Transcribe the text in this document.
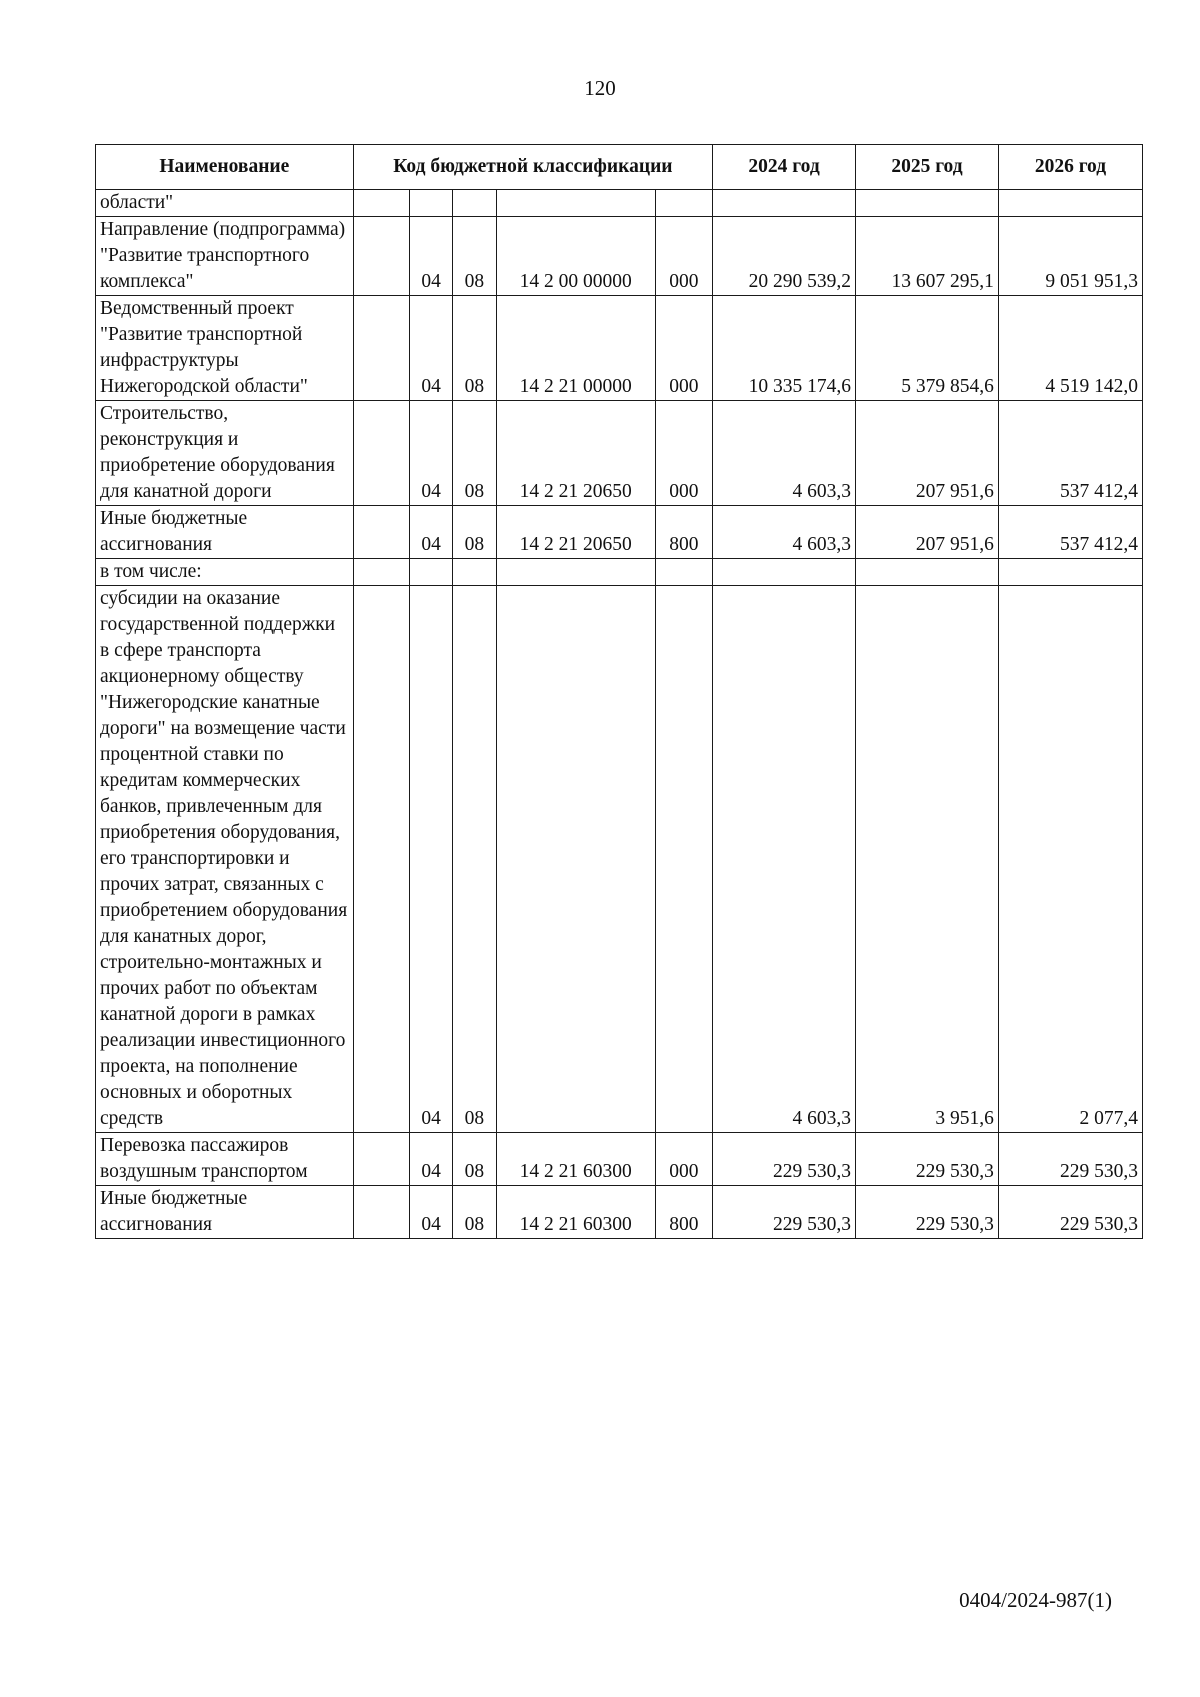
120
Наименование	Код бюджетной классификации					2024 год	2025 год	2026 год
области"								
Направление (подпрограмма) "Развитие транспортного комплекса"		04	08	14 2 00 00000	000	20 290 539,2	13 607 295,1	9 051 951,3
Ведомственный проект "Развитие транспортной инфраструктуры Нижегородской области"		04	08	14 2 21 00000	000	10 335 174,6	5 379 854,6	4 519 142,0
Строительство, реконструкция и приобретение оборудования для канатной дороги		04	08	14 2 21 20650	000	4 603,3	207 951,6	537 412,4
Иные бюджетные ассигнования		04	08	14 2 21 20650	800	4 603,3	207 951,6	537 412,4
в том числе:								
субсидии на оказание государственной поддержки в сфере транспорта акционерному обществу "Нижегородские канатные дороги" на возмещение части процентной ставки по кредитам коммерческих банков, привлеченным для приобретения оборудования, его транспортировки и прочих затрат, связанных с приобретением оборудования для канатных дорог, строительно-монтажных и прочих работ по объектам канатной дороги в рамках реализации инвестиционного проекта, на пополнение основных и оборотных средств		04	08			4 603,3	3 951,6	2 077,4
Перевозка пассажиров воздушным транспортом		04	08	14 2 21 60300	000	229 530,3	229 530,3	229 530,3
Иные бюджетные ассигнования		04	08	14 2 21 60300	800	229 530,3	229 530,3	229 530,3
0404/2024-987(1)
